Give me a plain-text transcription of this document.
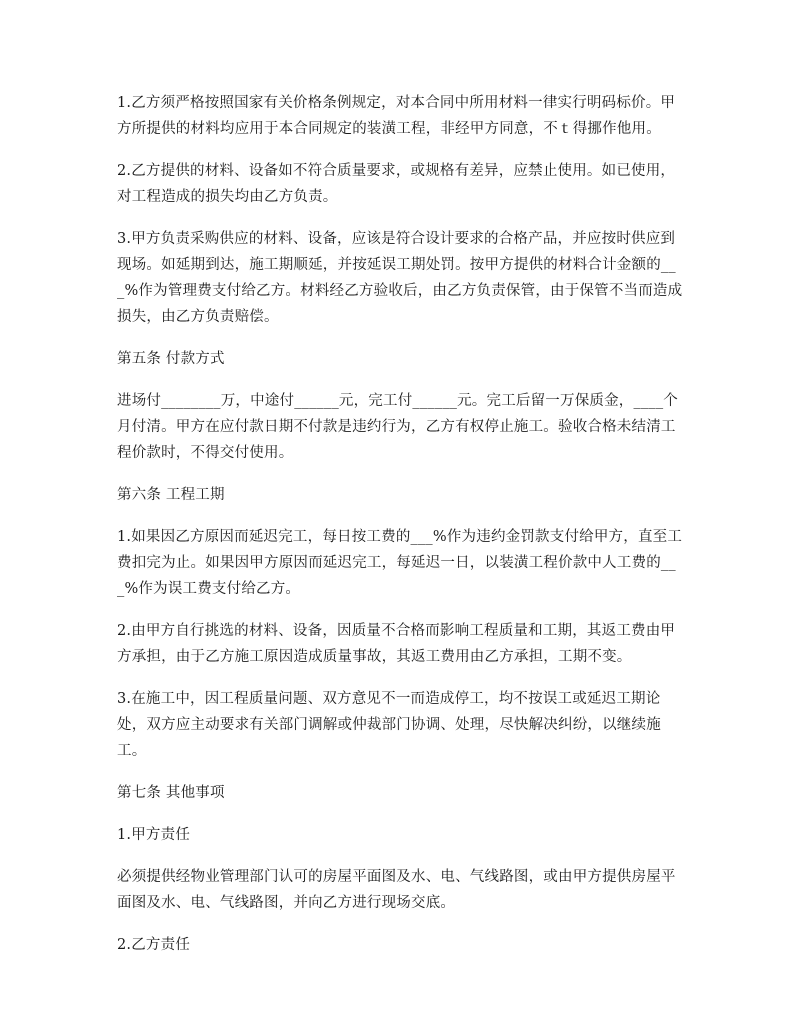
1.乙方须严格按照国家有关价格条例规定，对本合同中所用材料一律实行明码标价。甲方所提供的材料均应用于本合同规定的装潢工程，非经甲方同意，不ｔ得挪作他用。

2.乙方提供的材料、设备如不符合质量要求，或规格有差异，应禁止使用。如已使用，对工程造成的损失均由乙方负责。

3.甲方负责采购供应的材料、设备，应该是符合设计要求的合格产品，并应按时供应到现场。如延期到达，施工期顺延，并按延误工期处罚。按甲方提供的材料合计金额的___%作为管理费支付给乙方。材料经乙方验收后，由乙方负责保管，由于保管不当而造成损失，由乙方负责赔偿。

第五条 付款方式

进场付________万，中途付______元，完工付______元。完工后留一万保质金，____个月付清。甲方在应付款日期不付款是违约行为，乙方有权停止施工。验收合格未结清工程价款时，不得交付使用。

第六条 工程工期

1.如果因乙方原因而延迟完工，每日按工费的___%作为违约金罚款支付给甲方，直至工费扣完为止。如果因甲方原因而延迟完工，每延迟一日，以装潢工程价款中人工费的___%作为误工费支付给乙方。

2.由甲方自行挑选的材料、设备，因质量不合格而影响工程质量和工期，其返工费由甲方承担，由于乙方施工原因造成质量事故，其返工费用由乙方承担，工期不变。

3.在施工中，因工程质量问题、双方意见不一而造成停工，均不按误工或延迟工期论处，双方应主动要求有关部门调解或仲裁部门协调、处理，尽快解决纠纷，以继续施工。

第七条 其他事项

1.甲方责任

必须提供经物业管理部门认可的房屋平面图及水、电、气线路图，或由甲方提供房屋平面图及水、电、气线路图，并向乙方进行现场交底。

2.乙方责任
